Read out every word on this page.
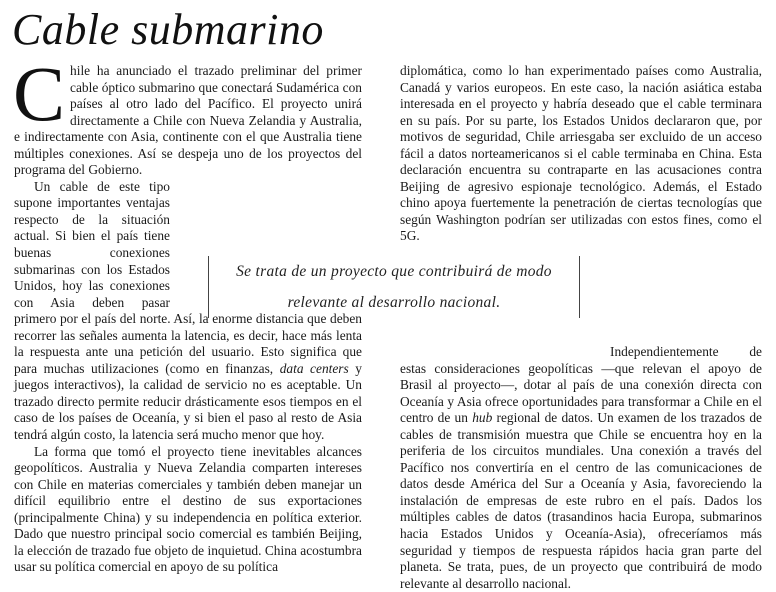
Cable submarino

Chile ha anunciado el trazado preliminar del primer cable óptico submarino que conectará Sudamérica con países al otro lado del Pacífico. El proyecto unirá directamente a Chile con Nueva Zelandia y Australia, e indirectamente con Asia, continente con el que Australia tiene múltiples conexiones. Así se despeja uno de los proyectos del programa del Gobierno.

Un cable de este tipo supone importantes ventajas respecto de la situación actual. Si bien el país tiene buenas conexiones submarinas con los Estados Unidos, hoy las conexiones con Asia deben pasar primero por el país del norte. Así, la enorme distancia que deben recorrer las señales aumenta la latencia, es decir, hace más lenta la respuesta ante una petición del usuario. Esto significa que para muchas utilizaciones (como en finanzas, data centers y juegos interactivos), la calidad de servicio no es aceptable. Un trazado directo permite reducir drásticamente esos tiempos en el caso de los países de Oceanía, y si bien el paso al resto de Asia tendrá algún costo, la latencia será mucho menor que hoy.

La forma que tomó el proyecto tiene inevitables alcances geopolíticos. Australia y Nueva Zelandia comparten intereses con Chile en materias comerciales y también deben manejar un difícil equilibrio entre el destino de sus exportaciones (principalmente China) y su independencia en política exterior. Dado que nuestro principal socio comercial es también Beijing, la elección de trazado fue objeto de inquietud. China acostumbra usar su política comercial en apoyo de su política

diplomática, como lo han experimentado países como Australia, Canadá y varios europeos. En este caso, la nación asiática estaba interesada en el proyecto y habría deseado que el cable terminara en su país. Por su parte, los Estados Unidos declararon que, por motivos de seguridad, Chile arriesgaba ser excluido de un acceso fácil a datos norteamericanos si el cable terminaba en China. Esta declaración encuentra su contraparte en las acusaciones contra Beijing de agresivo espionaje tecnológico. Además, el Estado chino apoya fuertemente la penetración de ciertas tecnologías que según Washington podrían ser utilizadas con estos fines, como el 5G.

Independientemente de estas consideraciones geopolíticas —que relevan el apoyo de Brasil al proyecto—, dotar al país de una conexión directa con Oceanía y Asia ofrece oportunidades para transformar a Chile en el centro de un hub regional de datos. Un examen de los trazados de cables de transmisión muestra que Chile se encuentra hoy en la periferia de los circuitos mundiales. Una conexión a través del Pacífico nos convertiría en el centro de las comunicaciones de datos desde América del Sur a Oceanía y Asia, favoreciendo la instalación de empresas de este rubro en el país. Dados los múltiples cables de datos (trasandinos hacia Europa, submarinos hacia Estados Unidos y Oceanía-Asia), ofreceríamos más seguridad y tiempos de respuesta rápidos hacia gran parte del planeta. Se trata, pues, de un proyecto que contribuirá de modo relevante al desarrollo nacional.

Se trata de un proyecto que contribuirá de modo relevante al desarrollo nacional.
